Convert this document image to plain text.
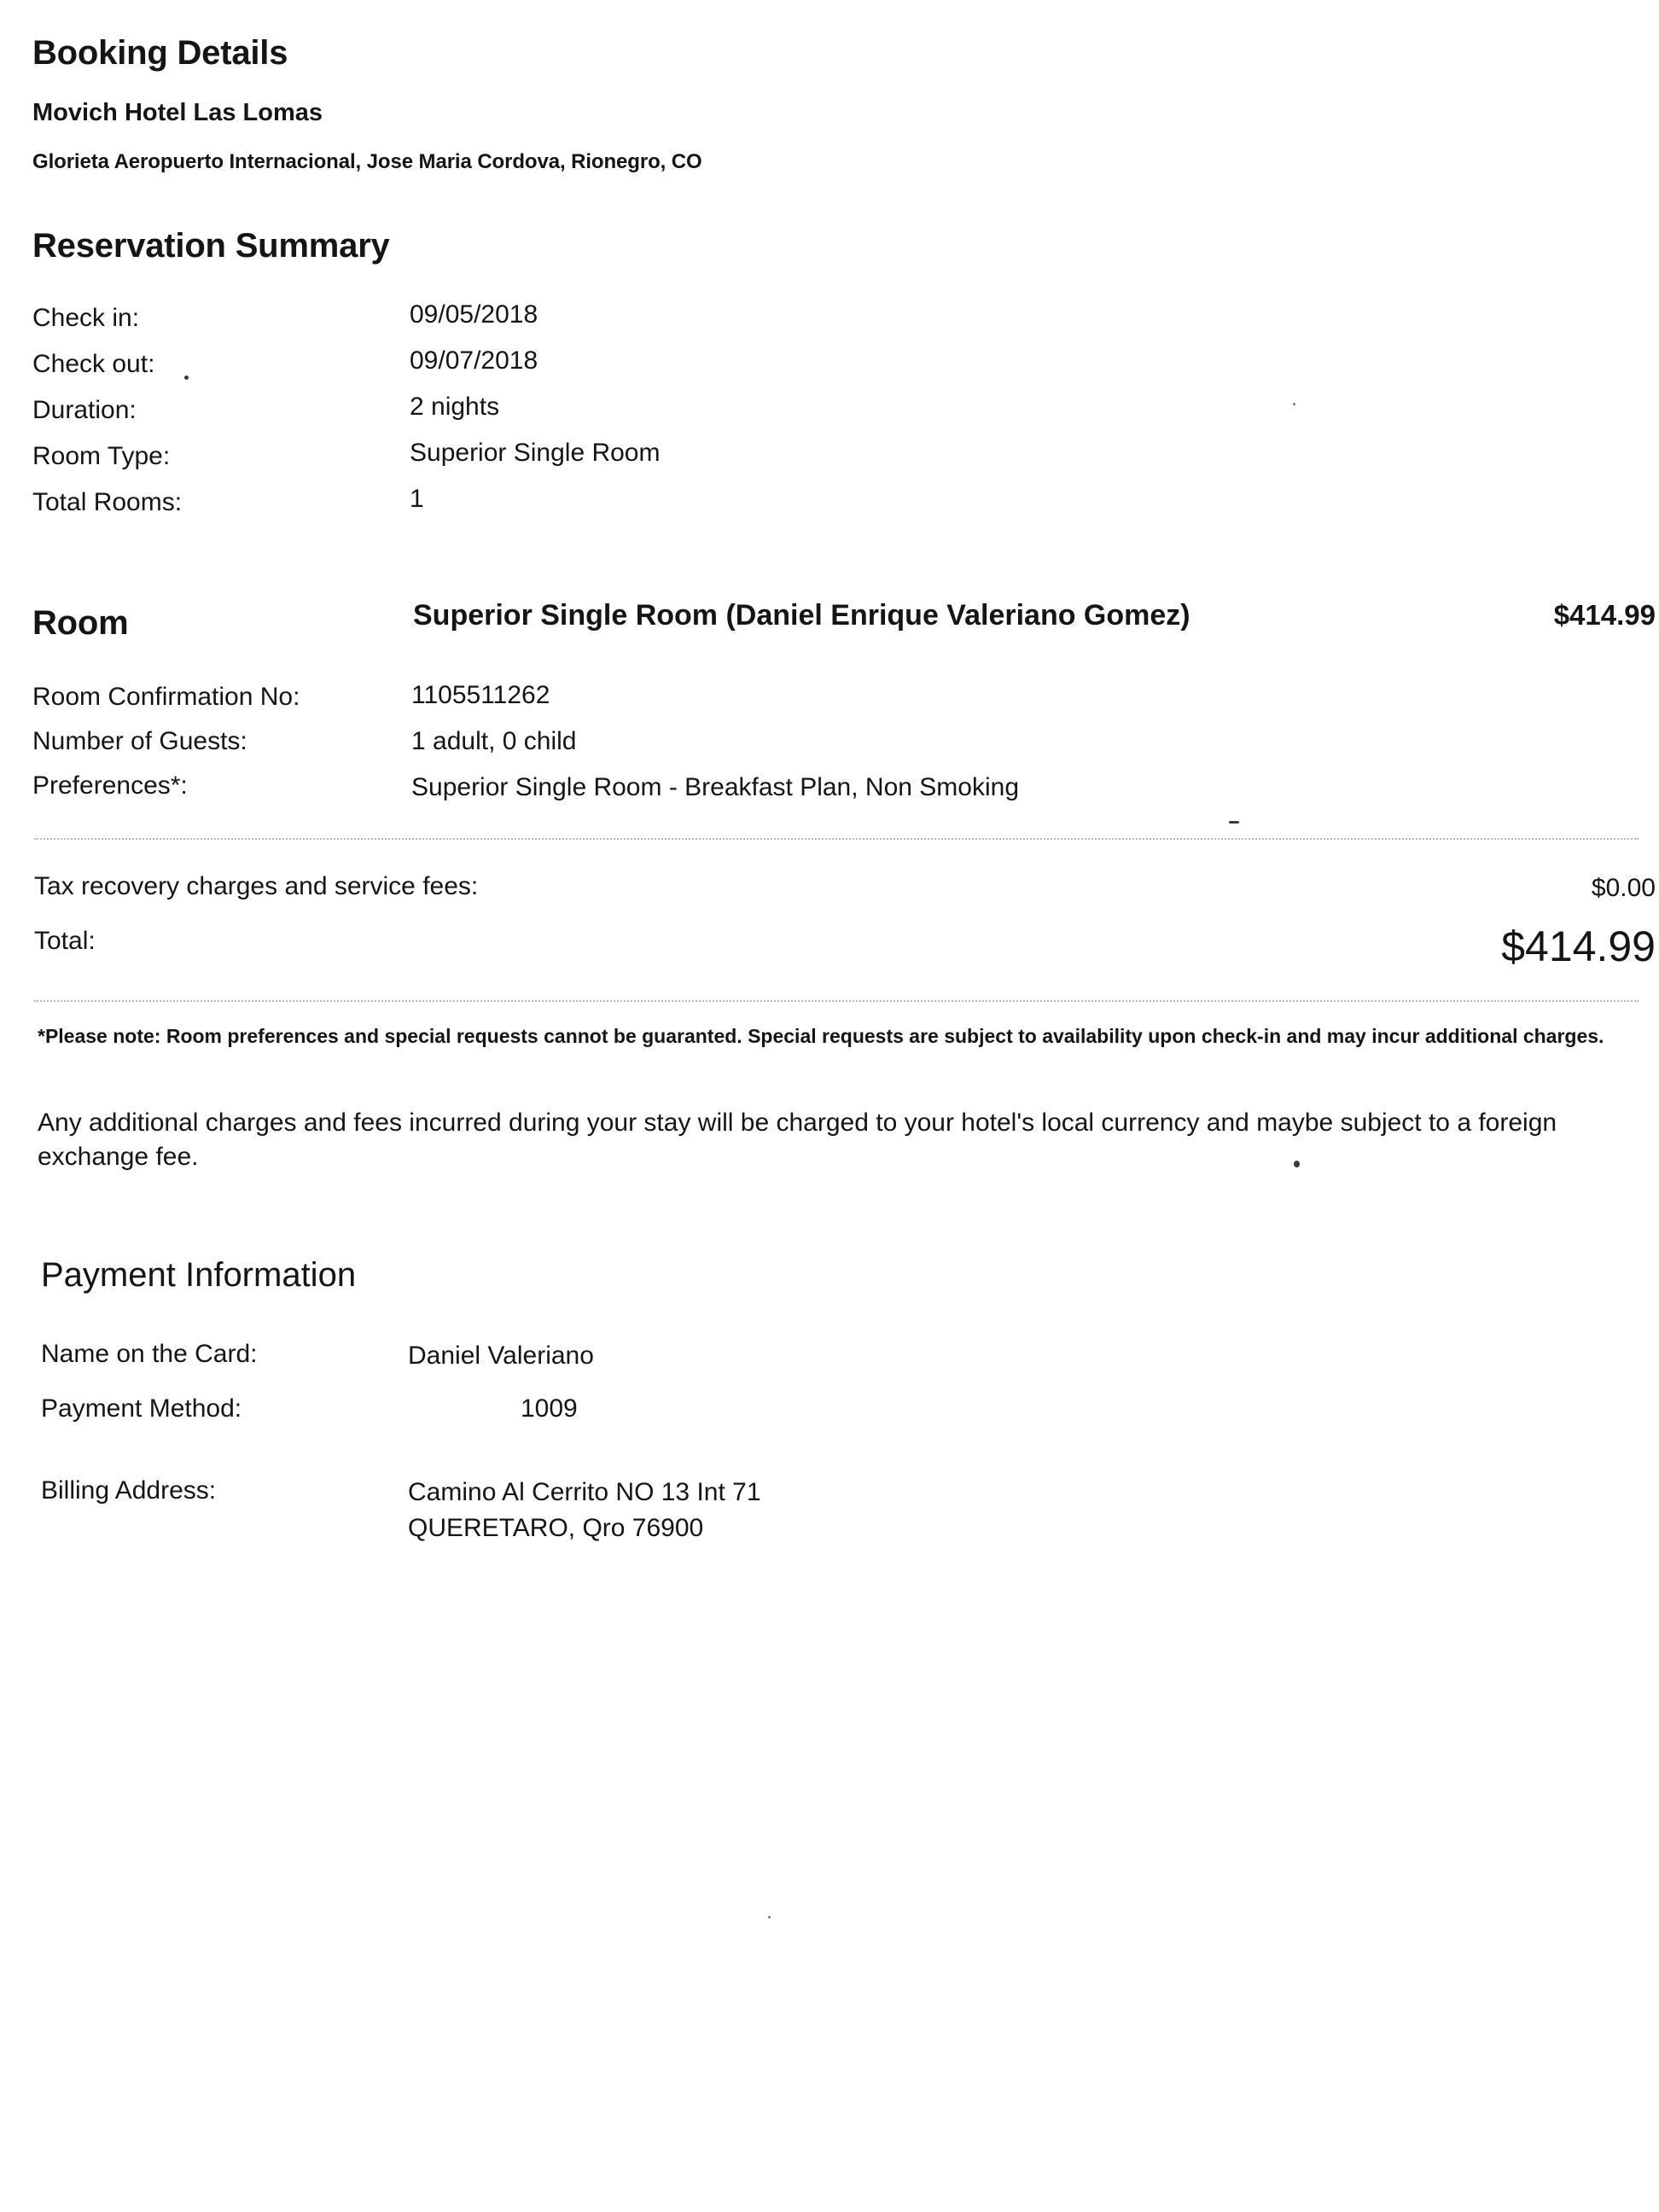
Booking Details
Movich Hotel Las Lomas
Glorieta Aeropuerto Internacional, Jose Maria Cordova, Rionegro, CO
Reservation Summary
Check in:	09/05/2018
Check out:	09/07/2018
Duration:	2 nights
Room Type:	Superior Single Room
Total Rooms:	1
Room	Superior Single Room (Daniel Enrique Valeriano Gomez)	$414.99
Room Confirmation No:	1105511262
Number of Guests:	1 adult, 0 child
Preferences*:	Superior Single Room - Breakfast Plan, Non Smoking
Tax recovery charges and service fees:	$0.00
Total:	$414.99
*Please note: Room preferences and special requests cannot be guaranted. Special requests are subject to availability upon check-in and may incur additional charges.
Any additional charges and fees incurred during your stay will be charged to your hotel's local currency and maybe subject to a foreign exchange fee.
Payment Information
Name on the Card:	Daniel Valeriano
Payment Method:	1009
Billing Address:	Camino Al Cerrito NO 13 Int 71
QUERETARO, Qro 76900
